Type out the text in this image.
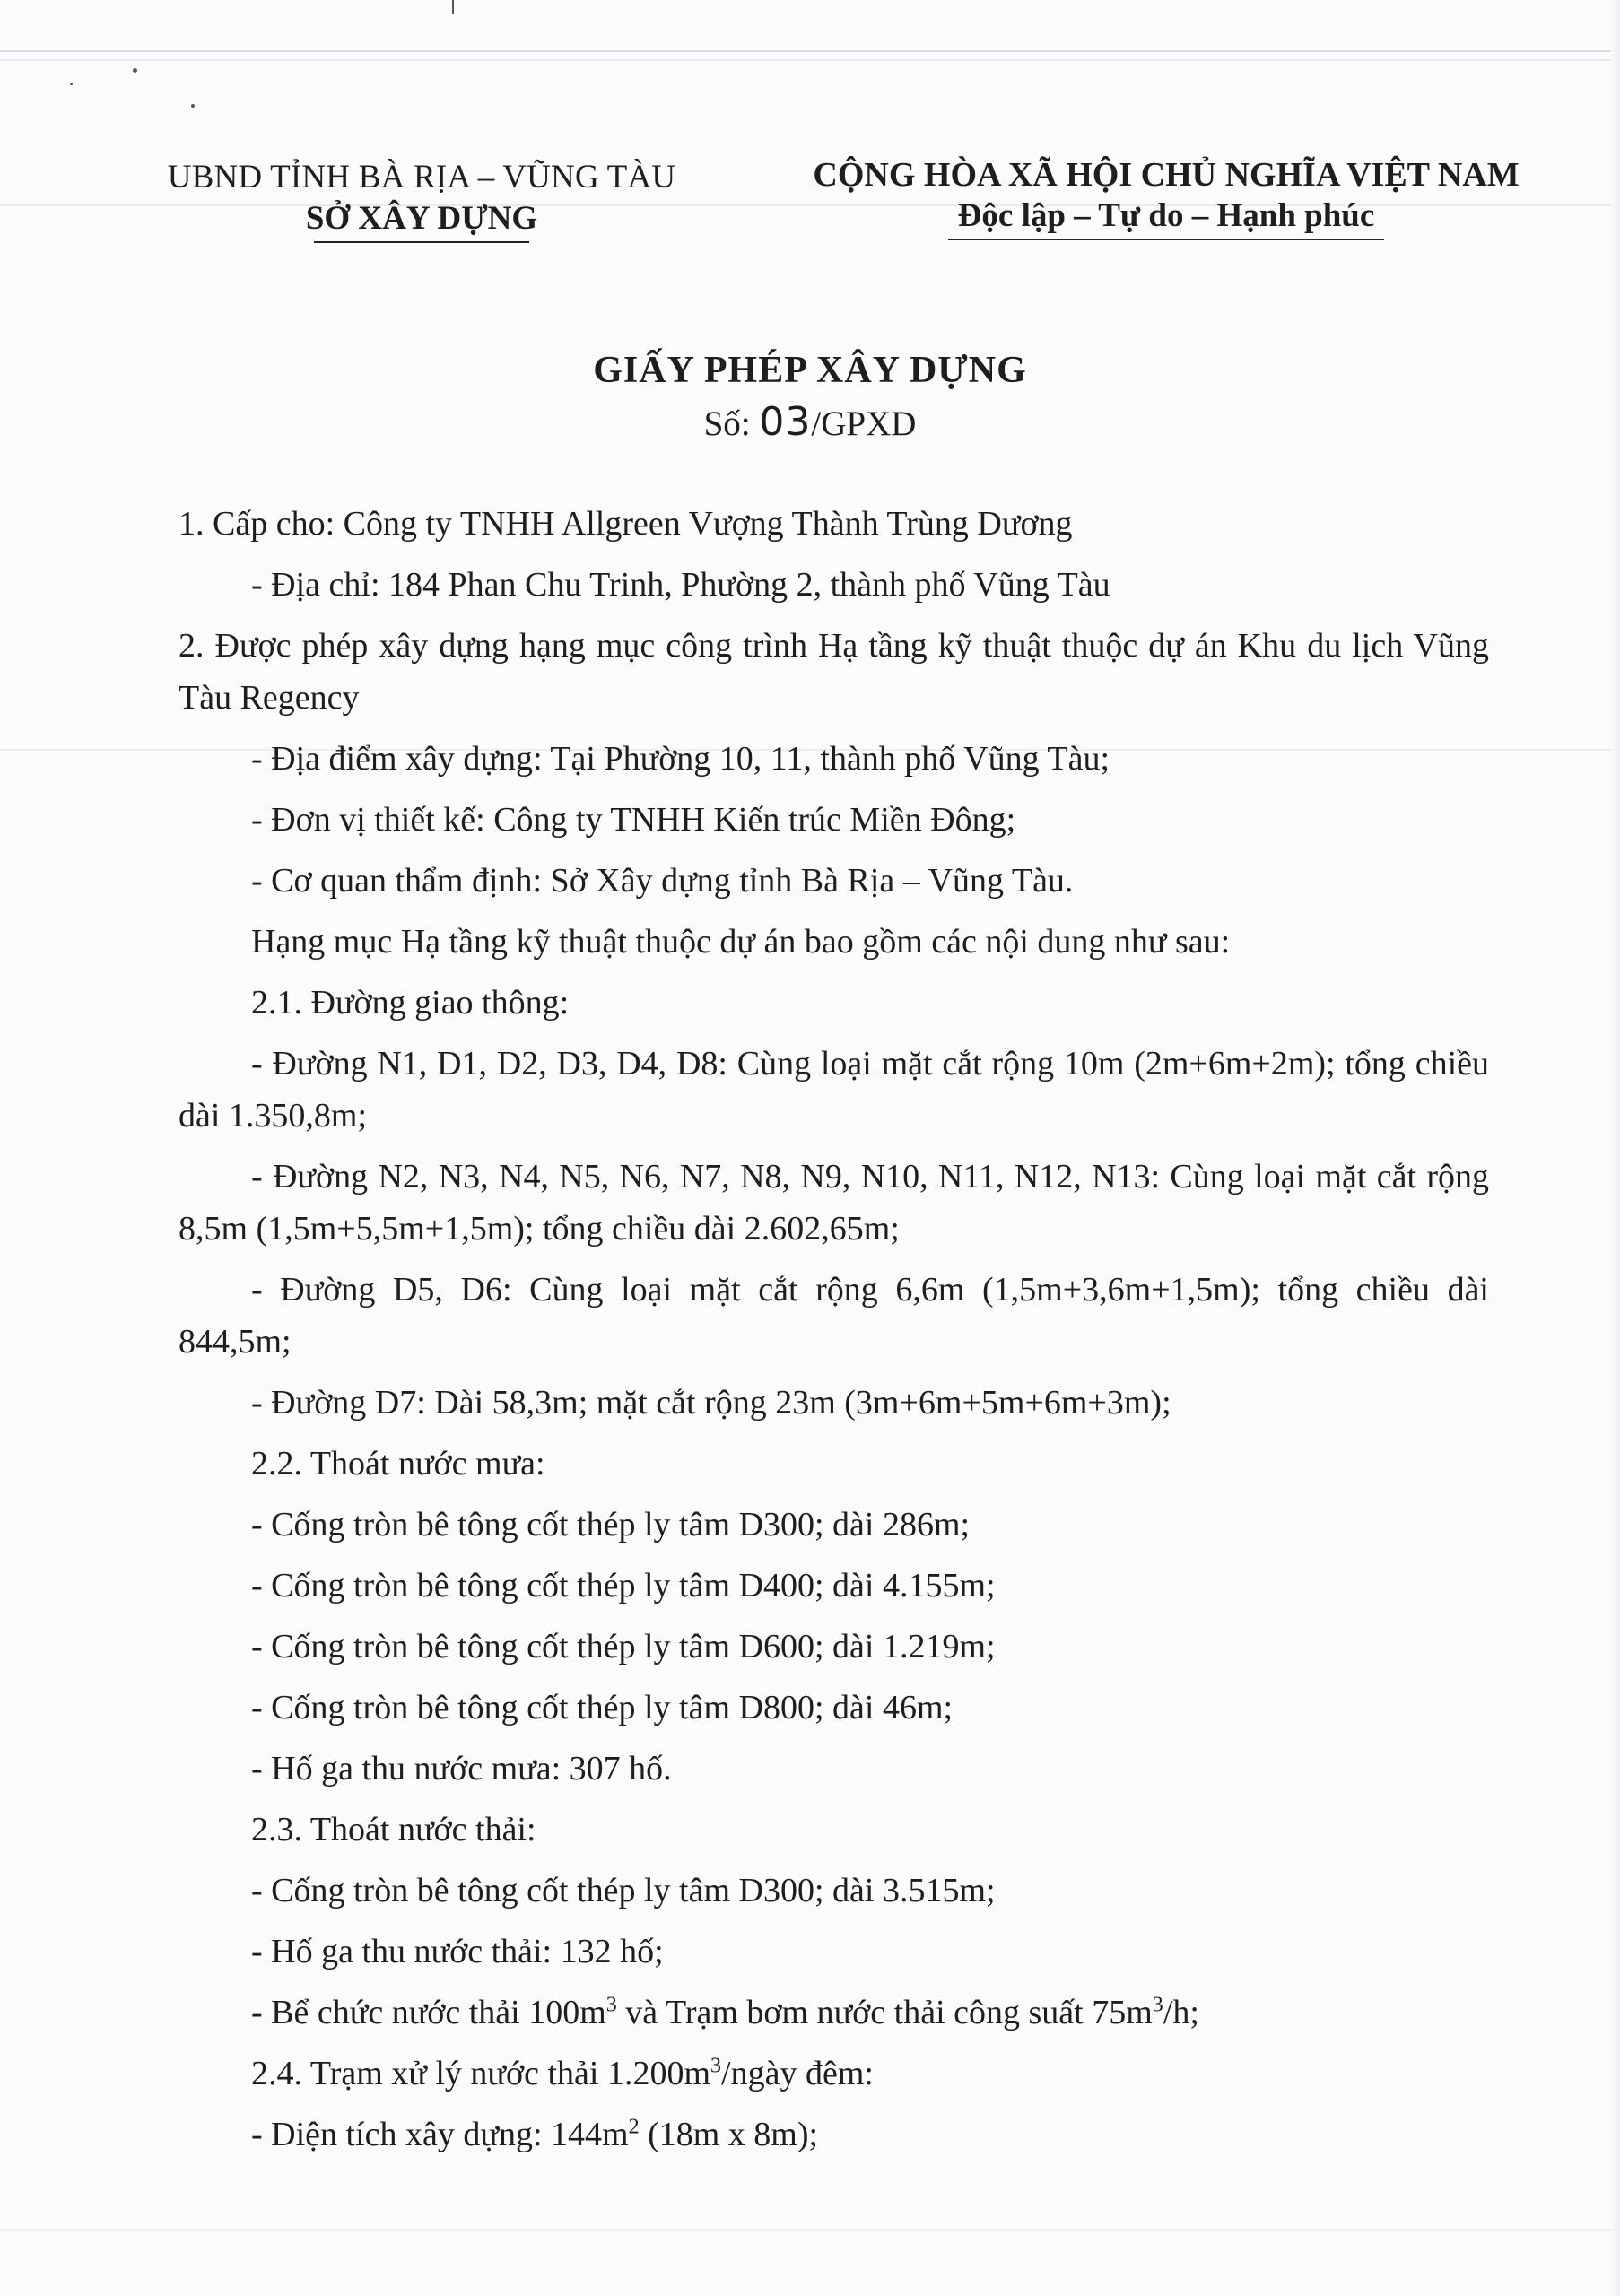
UBND TỈNH BÀ RỊA – VŨNG TÀU
SỞ XÂY DỰNG
CỘNG HÒA XÃ HỘI CHỦ NGHĨA VIỆT NAM
Độc lập – Tự do – Hạnh phúc
GIẤY PHÉP XÂY DỰNG
Số: 03/GPXD

1. Cấp cho: Công ty TNHH Allgreen Vượng Thành Trùng Dương

- Địa chỉ: 184 Phan Chu Trinh, Phường 2, thành phố Vũng Tàu

2. Được phép xây dựng hạng mục công trình Hạ tầng kỹ thuật thuộc dự án Khu du lịch Vũng Tàu Regency

- Địa điểm xây dựng: Tại Phường 10, 11, thành phố Vũng Tàu;

- Đơn vị thiết kế: Công ty TNHH Kiến trúc Miền Đông;

- Cơ quan thẩm định: Sở Xây dựng tỉnh Bà Rịa – Vũng Tàu.

Hạng mục Hạ tầng kỹ thuật thuộc dự án bao gồm các nội dung như sau:

2.1. Đường giao thông:

- Đường N1, D1, D2, D3, D4, D8: Cùng loại mặt cắt rộng 10m (2m+6m+2m); tổng chiều dài 1.350,8m;

- Đường N2, N3, N4, N5, N6, N7, N8, N9, N10, N11, N12, N13: Cùng loại mặt cắt rộng 8,5m (1,5m+5,5m+1,5m); tổng chiều dài 2.602,65m;

- Đường D5, D6: Cùng loại mặt cắt rộng 6,6m (1,5m+3,6m+1,5m); tổng chiều dài 844,5m;

- Đường D7: Dài 58,3m; mặt cắt rộng 23m (3m+6m+5m+6m+3m);

2.2. Thoát nước mưa:

- Cống tròn bê tông cốt thép ly tâm D300; dài 286m;

- Cống tròn bê tông cốt thép ly tâm D400; dài 4.155m;

- Cống tròn bê tông cốt thép ly tâm D600; dài 1.219m;

- Cống tròn bê tông cốt thép ly tâm D800; dài 46m;

- Hố ga thu nước mưa: 307 hố.

2.3. Thoát nước thải:

- Cống tròn bê tông cốt thép ly tâm D300; dài 3.515m;

- Hố ga thu nước thải: 132 hố;

- Bể chức nước thải $100m^3$ và Trạm bơm nước thải công suất $75m^3/h$;

2.4. Trạm xử lý nước thải $1.200m^3$/ngày đêm:

- Diện tích xây dựng: $144m^2$ (18m x 8m);
